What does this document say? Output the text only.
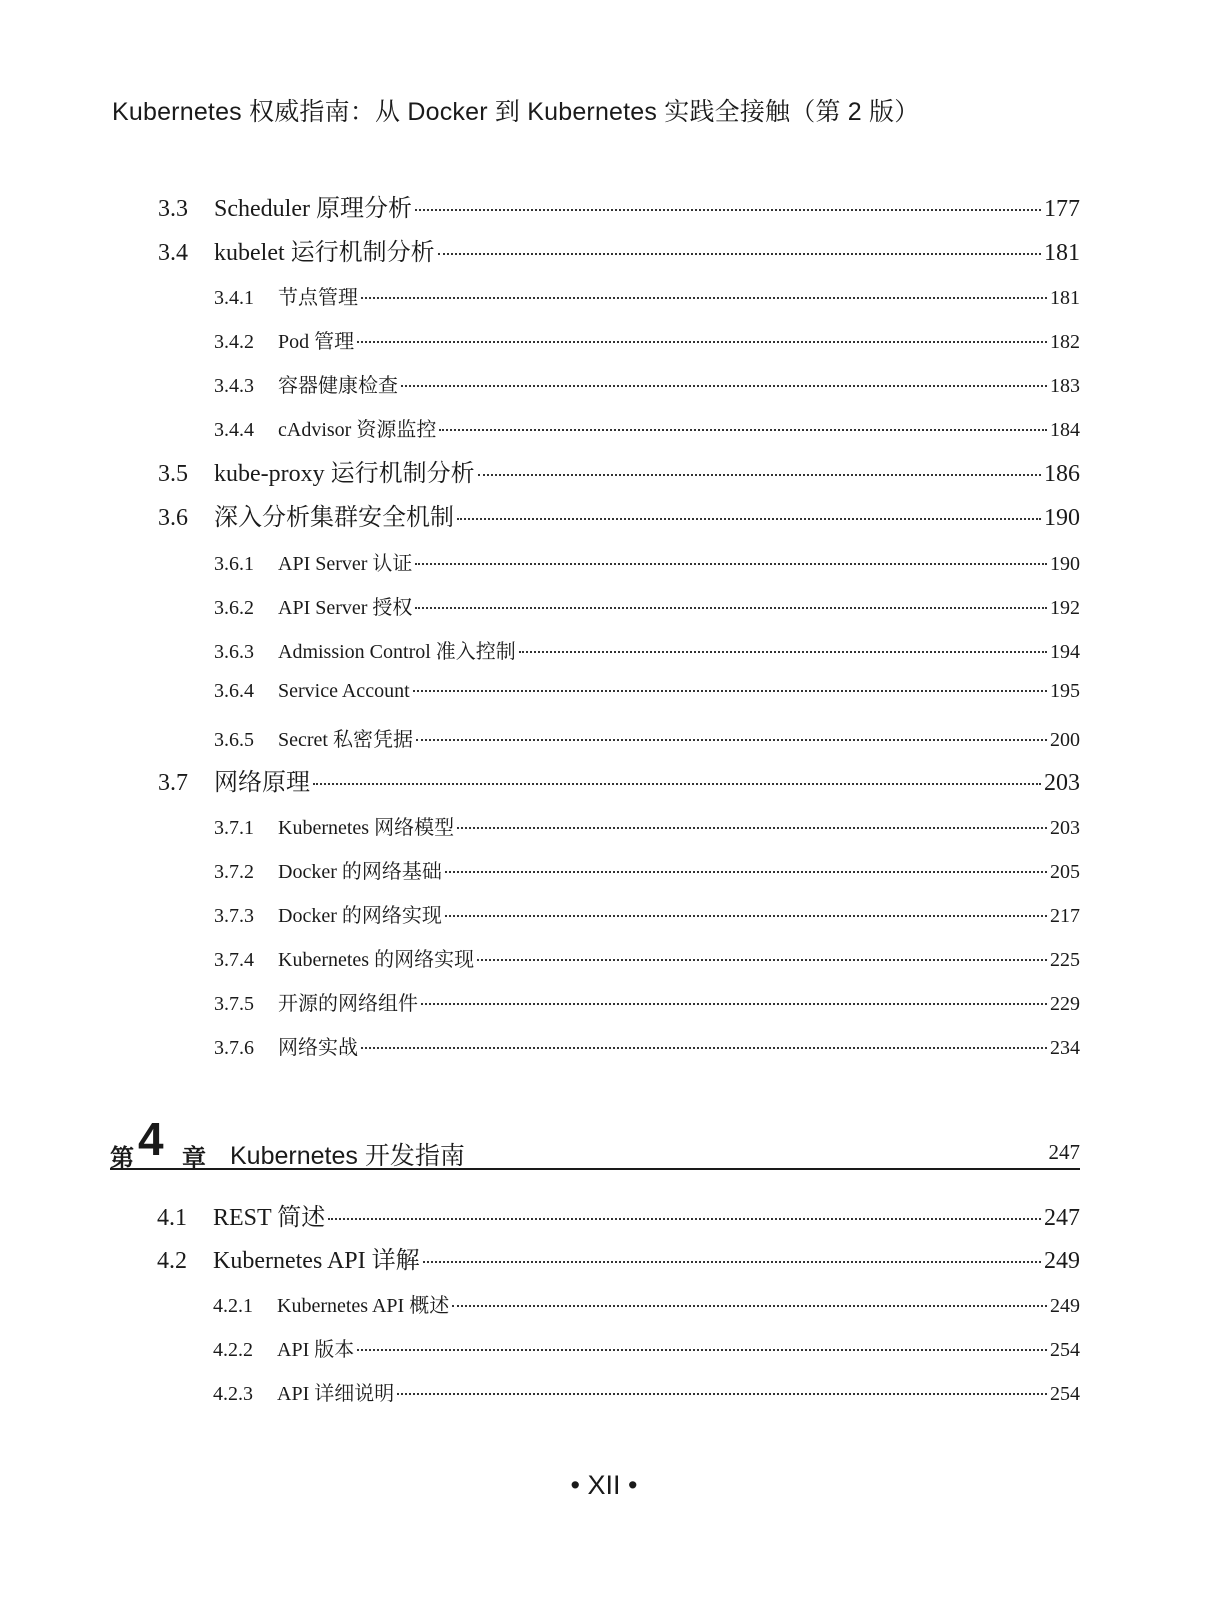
Kubernetes 权威指南：从 Docker 到 Kubernetes 实践全接触（第 2 版）
3.3	Scheduler 原理分析	177
3.4	kubelet 运行机制分析	181
3.4.1	节点管理	181
3.4.2	Pod 管理	182
3.4.3	容器健康检查	183
3.4.4	cAdvisor 资源监控	184
3.5	kube-proxy 运行机制分析	186
3.6	深入分析集群安全机制	190
3.6.1	API Server 认证	190
3.6.2	API Server 授权	192
3.6.3	Admission Control 准入控制	194
3.6.4	Service Account	195
3.6.5	Secret 私密凭据	200
3.7	网络原理	203
3.7.1	Kubernetes 网络模型	203
3.7.2	Docker 的网络基础	205
3.7.3	Docker 的网络实现	217
3.7.4	Kubernetes 的网络实现	225
3.7.5	开源的网络组件	229
3.7.6	网络实战	234
第 4 章 Kubernetes 开发指南	247
4.1	REST 简述	247
4.2	Kubernetes API 详解	249
4.2.1	Kubernetes API 概述	249
4.2.2	API 版本	254
4.2.3	API 详细说明	254
• XII •
